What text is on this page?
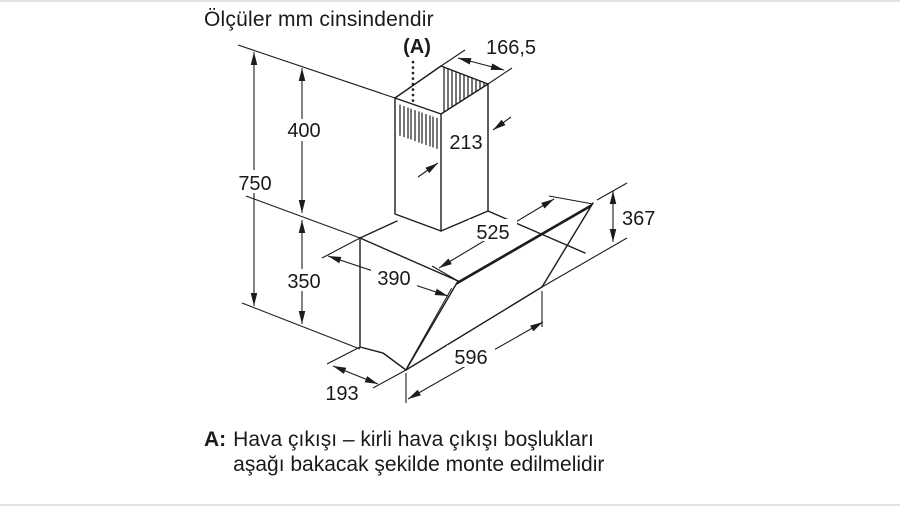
Ölçüler mm cinsindendir
(A)
750
400
350
166,5
213
525
367
390
596
193
A: Hava çıkışı – kirli hava çıkışı boşlukları
aşağı bakacak şekilde monte edilmelidir
